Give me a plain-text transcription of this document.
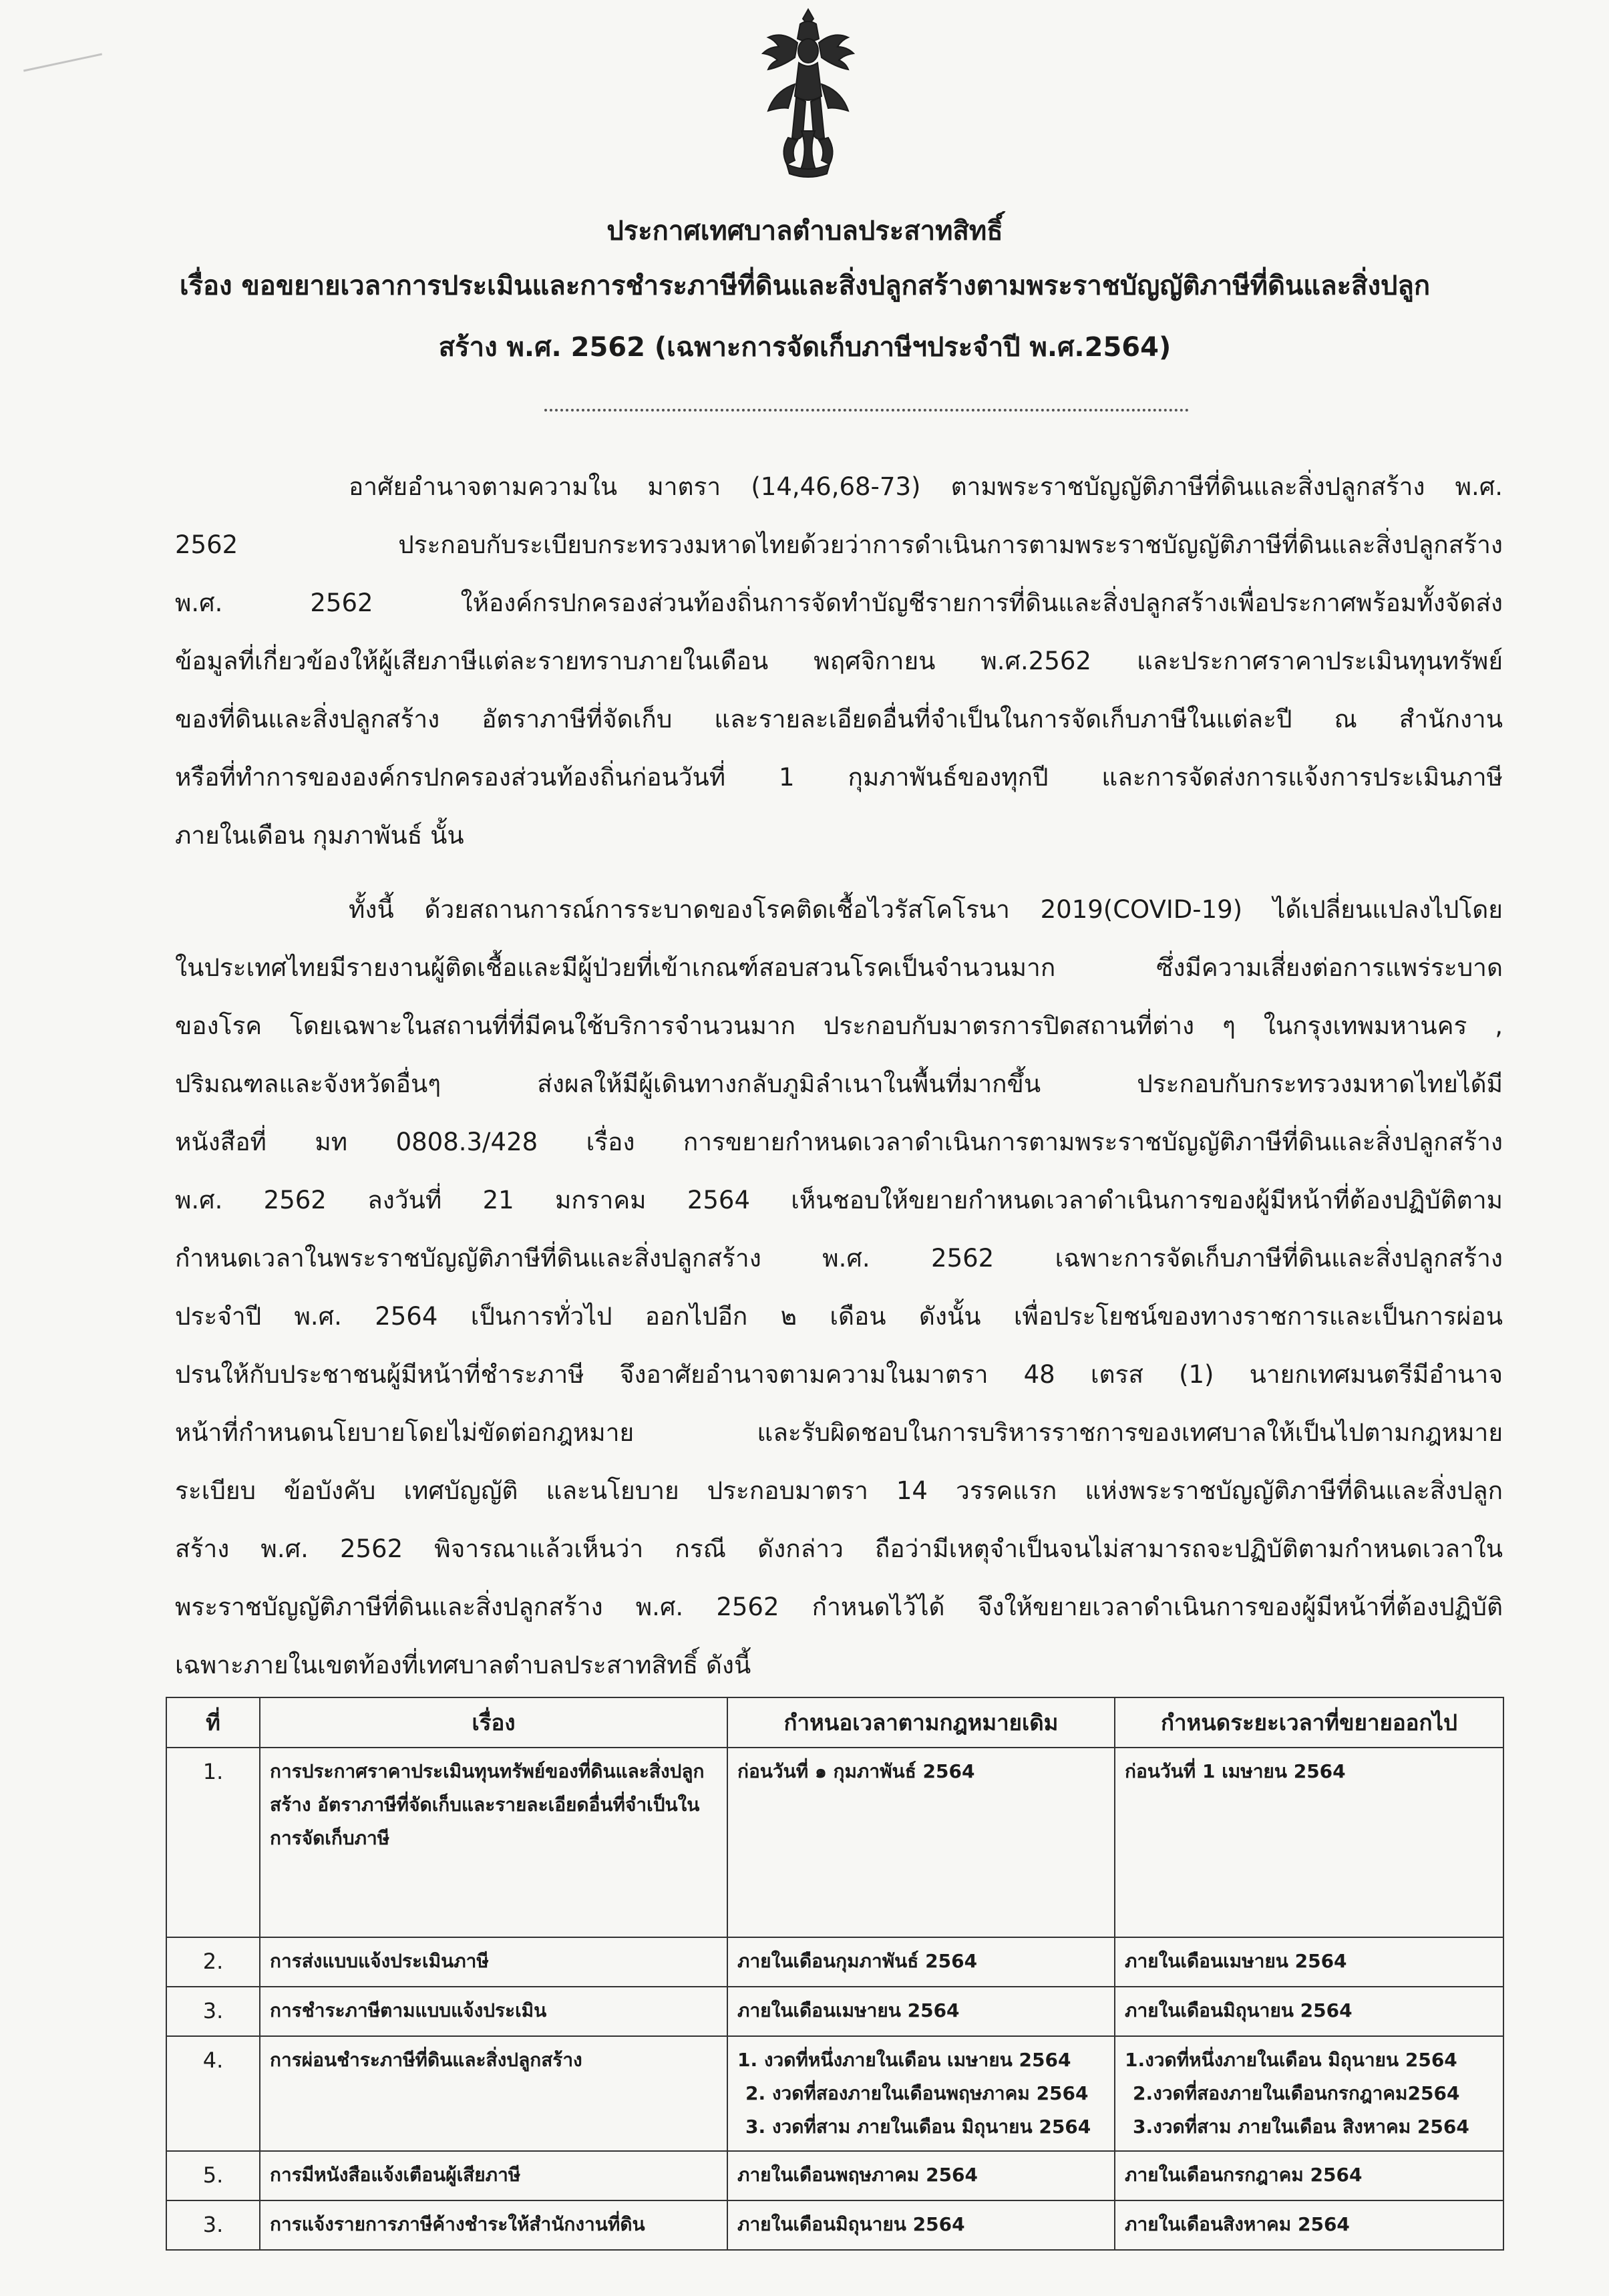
ประกาศเทศบาลตำบลประสาทสิทธิ์
เรื่อง ขอขยายเวลาการประเมินและการชำระภาษีที่ดินและสิ่งปลูกสร้างตามพระราชบัญญัติภาษีที่ดินและสิ่งปลูก
สร้าง พ.ศ. 2562 (เฉพาะการจัดเก็บภาษีฯประจำปี พ.ศ.2564)
อาศัยอำนาจตามความใน มาตรา (14,46,68-73) ตามพระราชบัญญัติภาษีที่ดินและสิ่งปลูกสร้าง พ.ศ.
2562 ประกอบกับระเบียบกระทรวงมหาดไทยด้วยว่าการดำเนินการตามพระราชบัญญัติภาษีที่ดินและสิ่งปลูกสร้าง
พ.ศ. 2562 ให้องค์กรปกครองส่วนท้องถิ่นการจัดทำบัญชีรายการที่ดินและสิ่งปลูกสร้างเพื่อประกาศพร้อมทั้งจัดส่ง
ข้อมูลที่เกี่ยวข้องให้ผู้เสียภาษีแต่ละรายทราบภายในเดือน พฤศจิกายน พ.ศ.2562 และประกาศราคาประเมินทุนทรัพย์
ของที่ดินและสิ่งปลูกสร้าง อัตราภาษีที่จัดเก็บ และรายละเอียดอื่นที่จำเป็นในการจัดเก็บภาษีในแต่ละปี ณ สำนักงาน
หรือที่ทำการขององค์กรปกครองส่วนท้องถิ่นก่อนวันที่ 1 กุมภาพันธ์ของทุกปี และการจัดส่งการแจ้งการประเมินภาษี
ภายในเดือน กุมภาพันธ์ นั้น
ทั้งนี้ ด้วยสถานการณ์การระบาดของโรคติดเชื้อไวรัสโคโรนา 2019(COVID-19) ได้เปลี่ยนแปลงไปโดย
ในประเทศไทยมีรายงานผู้ติดเชื้อและมีผู้ป่วยที่เข้าเกณฑ์สอบสวนโรคเป็นจำนวนมาก ซึ่งมีความเสี่ยงต่อการแพร่ระบาด
ของโรค โดยเฉพาะในสถานที่ที่มีคนใช้บริการจำนวนมาก ประกอบกับมาตรการปิดสถานที่ต่าง ๆ ในกรุงเทพมหานคร ,
ปริมณฑลและจังหวัดอื่นๆ ส่งผลให้มีผู้เดินทางกลับภูมิลำเนาในพื้นที่มากขึ้น ประกอบกับกระทรวงมหาดไทยได้มี
หนังสือที่ มท 0808.3/428 เรื่อง การขยายกำหนดเวลาดำเนินการตามพระราชบัญญัติภาษีที่ดินและสิ่งปลูกสร้าง
พ.ศ. 2562 ลงวันที่ 21 มกราคม 2564 เห็นชอบให้ขยายกำหนดเวลาดำเนินการของผู้มีหน้าที่ต้องปฏิบัติตาม
กำหนดเวลาในพระราชบัญญัติภาษีที่ดินและสิ่งปลูกสร้าง พ.ศ. 2562 เฉพาะการจัดเก็บภาษีที่ดินและสิ่งปลูกสร้าง
ประจำปี พ.ศ. 2564 เป็นการทั่วไป ออกไปอีก ๒ เดือน ดังนั้น เพื่อประโยชน์ของทางราชการและเป็นการผ่อน
ปรนให้กับประชาชนผู้มีหน้าที่ชำระภาษี จึงอาศัยอำนาจตามความในมาตรา 48 เตรส (1) นายกเทศมนตรีมีอำนาจ
หน้าที่กำหนดนโยบายโดยไม่ขัดต่อกฎหมาย และรับผิดชอบในการบริหารราชการของเทศบาลให้เป็นไปตามกฎหมาย
ระเบียบ ข้อบังคับ เทศบัญญัติ และนโยบาย ประกอบมาตรา 14 วรรคแรก แห่งพระราชบัญญัติภาษีที่ดินและสิ่งปลูก
สร้าง พ.ศ. 2562 พิจารณาแล้วเห็นว่า กรณี ดังกล่าว ถือว่ามีเหตุจำเป็นจนไม่สามารถจะปฏิบัติตามกำหนดเวลาใน
พระราชบัญญัติภาษีที่ดินและสิ่งปลูกสร้าง พ.ศ. 2562 กำหนดไว้ได้ จึงให้ขยายเวลาดำเนินการของผู้มีหน้าที่ต้องปฏิบัติ
เฉพาะภายในเขตท้องที่เทศบาลตำบลประสาทสิทธิ์ ดังนี้
ที่	เรื่อง	กำหนอเวลาตามกฎหมายเดิม	กำหนดระยะเวลาที่ขยายออกไป
1.	การประกาศราคาประเมินทุนทรัพย์ของที่ดินและสิ่งปลูกสร้าง อัตราภาษีที่จัดเก็บและรายละเอียดอื่นที่จำเป็นในการจัดเก็บภาษี	ก่อนวันที่ ๑ กุมภาพันธ์ 2564	ก่อนวันที่ 1 เมษายน 2564

2.	การส่งแบบแจ้งประเมินภาษี	ภายในเดือนกุมภาพันธ์ 2564	ภายในเดือนเมษายน 2564

3.	การชำระภาษีตามแบบแจ้งประเมิน	ภายในเดือนเมษายน 2564	ภายในเดือนมิถุนายน 2564

4.	การผ่อนชำระภาษีที่ดินและสิ่งปลูกสร้าง	1. งวดที่หนึ่งภายในเดือน เมษายน 2564
2. งวดที่สองภายในเดือนพฤษภาคม 2564
3. งวดที่สาม ภายในเดือน มิถุนายน 2564	1.งวดที่หนึ่งภายในเดือน มิถุนายน 2564
2.งวดที่สองภายในเดือนกรกฎาคม2564
3.งวดที่สาม ภายในเดือน สิงหาคม 2564

5.	การมีหนังสือแจ้งเตือนผู้เสียภาษี	ภายในเดือนพฤษภาคม 2564	ภายในเดือนกรกฎาคม 2564

3.	การแจ้งรายการภาษีค้างชำระให้สำนักงานที่ดิน	ภายในเดือนมิถุนายน 2564	ภายในเดือนสิงหาคม 2564
